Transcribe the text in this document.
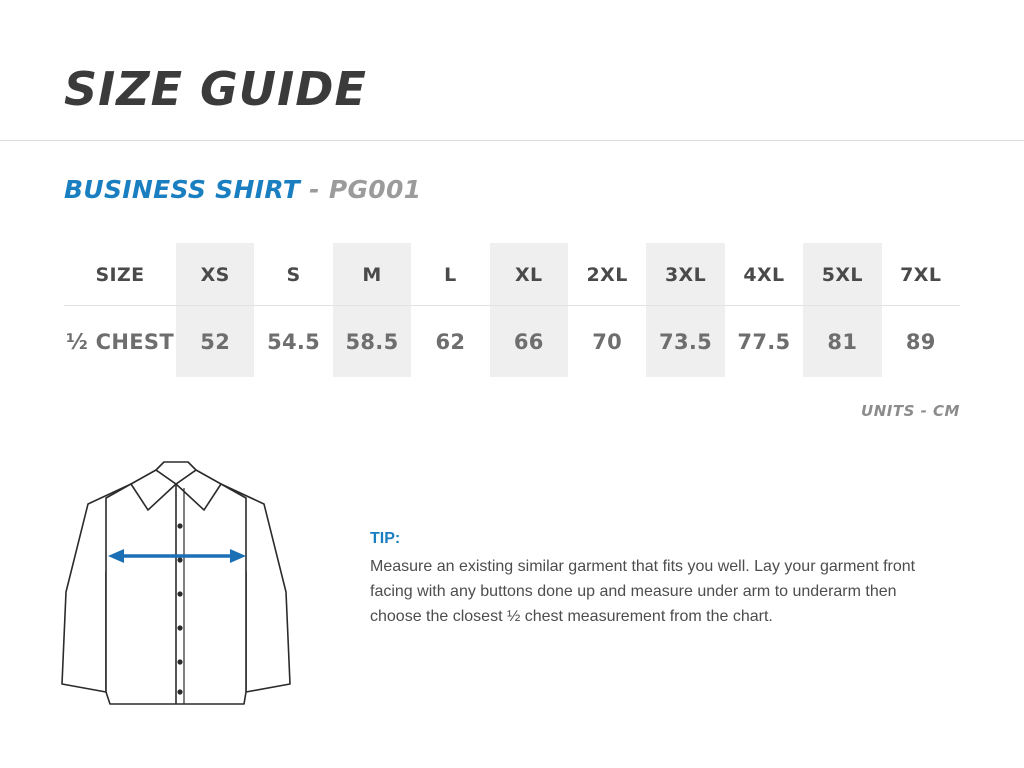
SIZE GUIDE
BUSINESS SHIRT - PG001
SIZE	XS	S	M	L	XL	2XL	3XL	4XL	5XL	7XL
½ CHEST	52	54.5	58.5	62	66	70	73.5	77.5	81	89
UNITS - CM
TIP:
Measure an existing similar garment that fits you well. Lay your garment front facing with any buttons done up and measure under arm to underarm then choose the closest ½ chest measurement from the chart.
